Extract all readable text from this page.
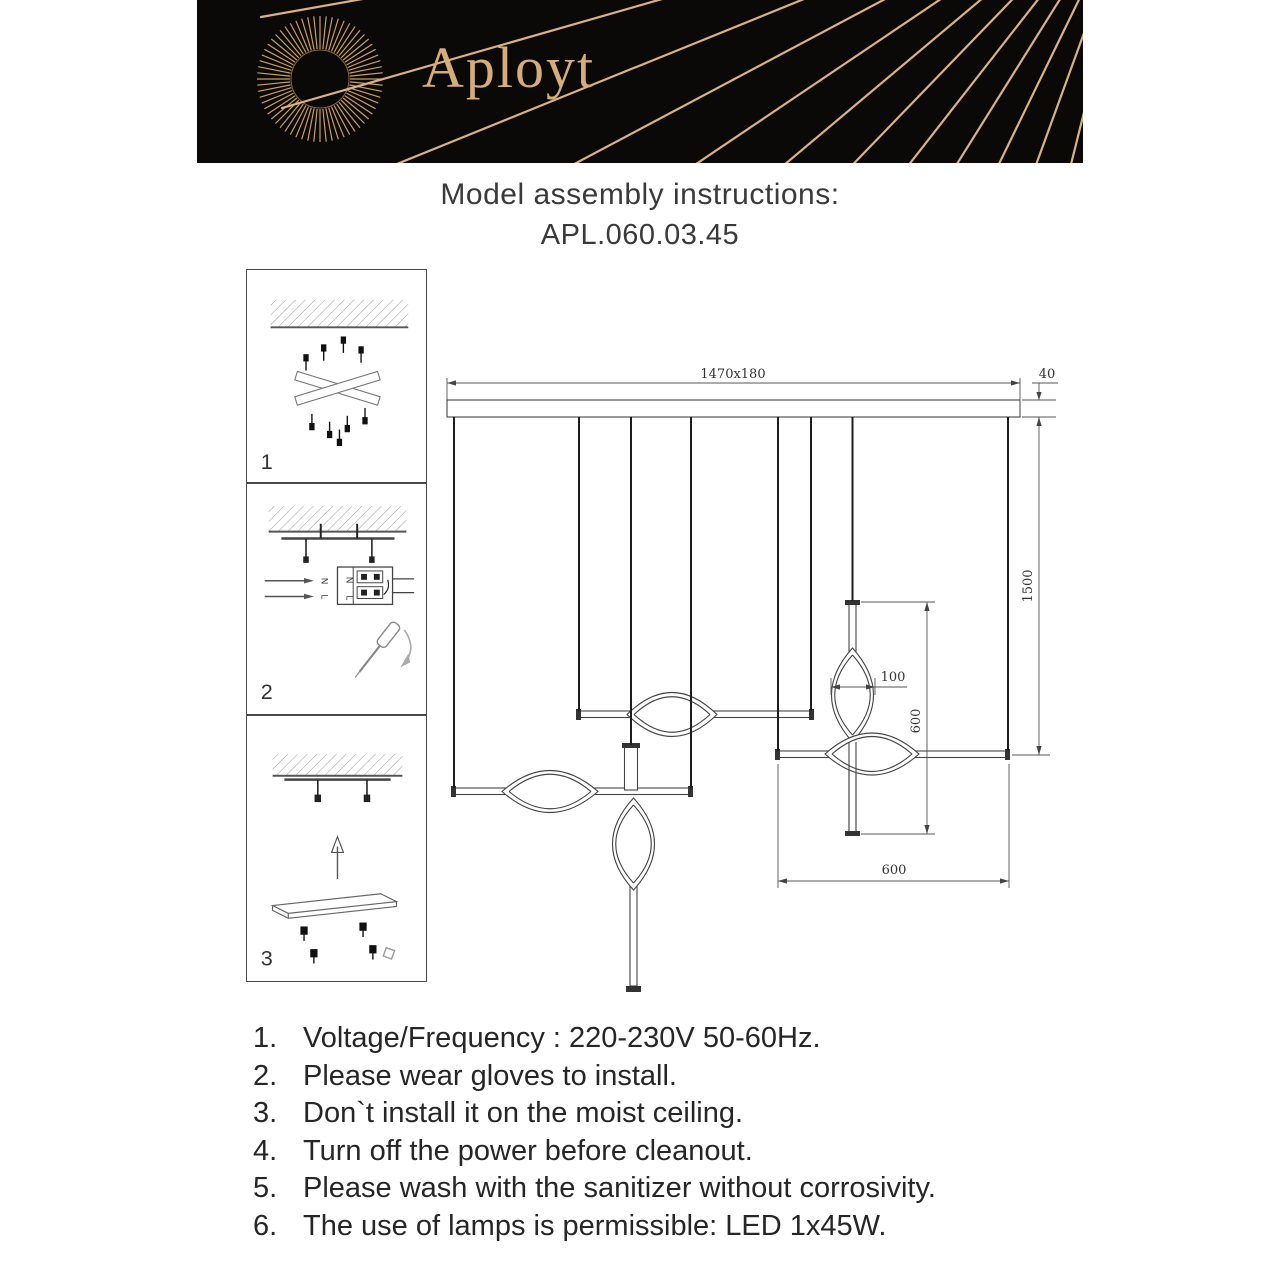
Aployt
Model assembly instructions:
APL.060.03.45
1
N
L
N
L
2
3
1470x180	40
1500
600
100
600
1. Voltage/Frequency : 220-230V 50-60Hz.
2. Please wear gloves to install.
3. Don`t install it on the moist ceiling.
4. Turn off the power before cleanout.
5. Please wash with the sanitizer without corrosivity.
6. The use of lamps is permissible: LED 1x45W.
